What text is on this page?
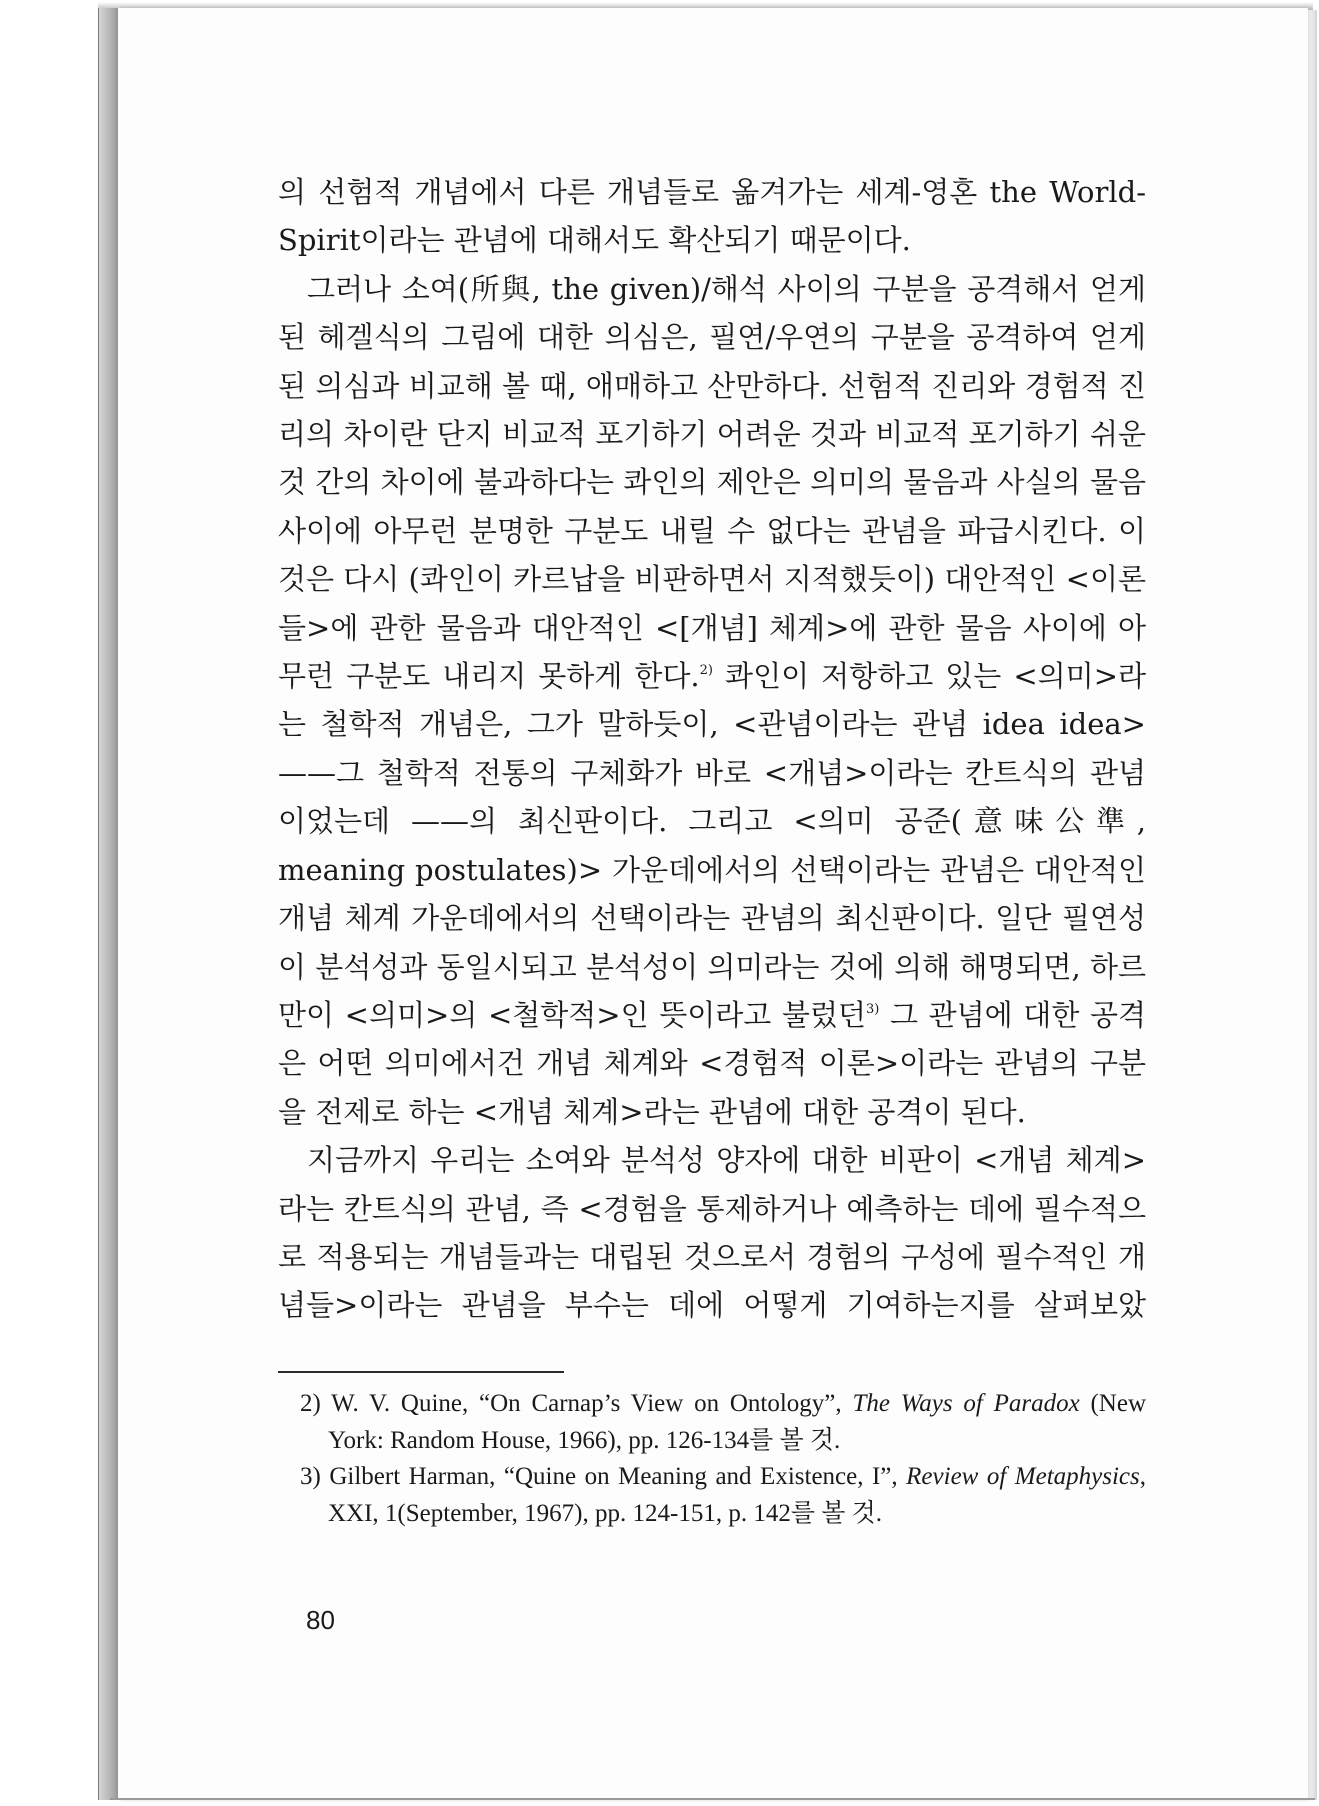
의 선험적 개념에서 다른 개념들로 옮겨가는 세계-영혼 the World-

Spirit이라는 관념에 대해서도 확산되기 때문이다.

그러나 소여(所與, the given)/해석 사이의 구분을 공격해서 얻게 된 헤겔식의 그림에 대한 의심은, 필연/우연의 구분을 공격하여 얻게 된 의심과 비교해 볼 때, 애매하고 산만하다. 선험적 진리와 경험적 진리의 차이란 단지 비교적 포기하기 어려운 것과 비교적 포기하기 쉬운 것 간의 차이에 불과하다는 콰인의 제안은 의미의 물음과 사실의 물음 사이에 아무런 분명한 구분도 내릴 수 없다는 관념을 파급시킨다. 이것은 다시 (콰인이 카르납을 비판하면서 지적했듯이) 대안적인 <이론들>에 관한 물음과 대안적인 <[개념] 체계>에 관한 물음 사이에 아무런 구분도 내리지 못하게 한다.$^{2)}$ 콰인이 저항하고 있는 <의미>라는 철학적 개념은, 그가 말하듯이, <관념이라는 관념 idea idea> ——그 철학적 전통의 구체화가 바로 <개념>이라는 칸트식의 관념이었는데 ——의 최신판이다. 그리고 <의미 공준(意味公準, meaning postulates)> 가운데에서의 선택이라는 관념은 대안적인 개념 체계 가운데에서의 선택이라는 관념의 최신판이다. 일단 필연성이 분석성과 동일시되고 분석성이 의미라는 것에 의해 해명되면, 하르만이 <의미>의 <철학적>인 뜻이라고 불렀던$^{3)}$ 그 관념에 대한 공격은 어떤 의미에서건 개념 체계와 <경험적 이론>이라는 관념의 구분을 전제로 하는 <개념 체계>라는 관념에 대한 공격이 된다.

지금까지 우리는 소여와 분석성 양자에 대한 비판이 <개념 체계>라는 칸트식의 관념, 즉 <경험을 통제하거나 예측하는 데에 필수적으로 적용되는 개념들과는 대립된 것으로서 경험의 구성에 필수적인 개념들>이라는 관념을 부수는 데에 어떻게 기여하는지를 살펴보았

2) W. V. Quine, “On Carnap’s View on Ontology”, The Ways of Paradox (New York: Random House, 1966), pp. 126-134를 볼 것.

3) Gilbert Harman, “Quine on Meaning and Existence, I”, Review of Metaphysics, XXI, 1(September, 1967), pp. 124-151, p. 142를 볼 것.

80
